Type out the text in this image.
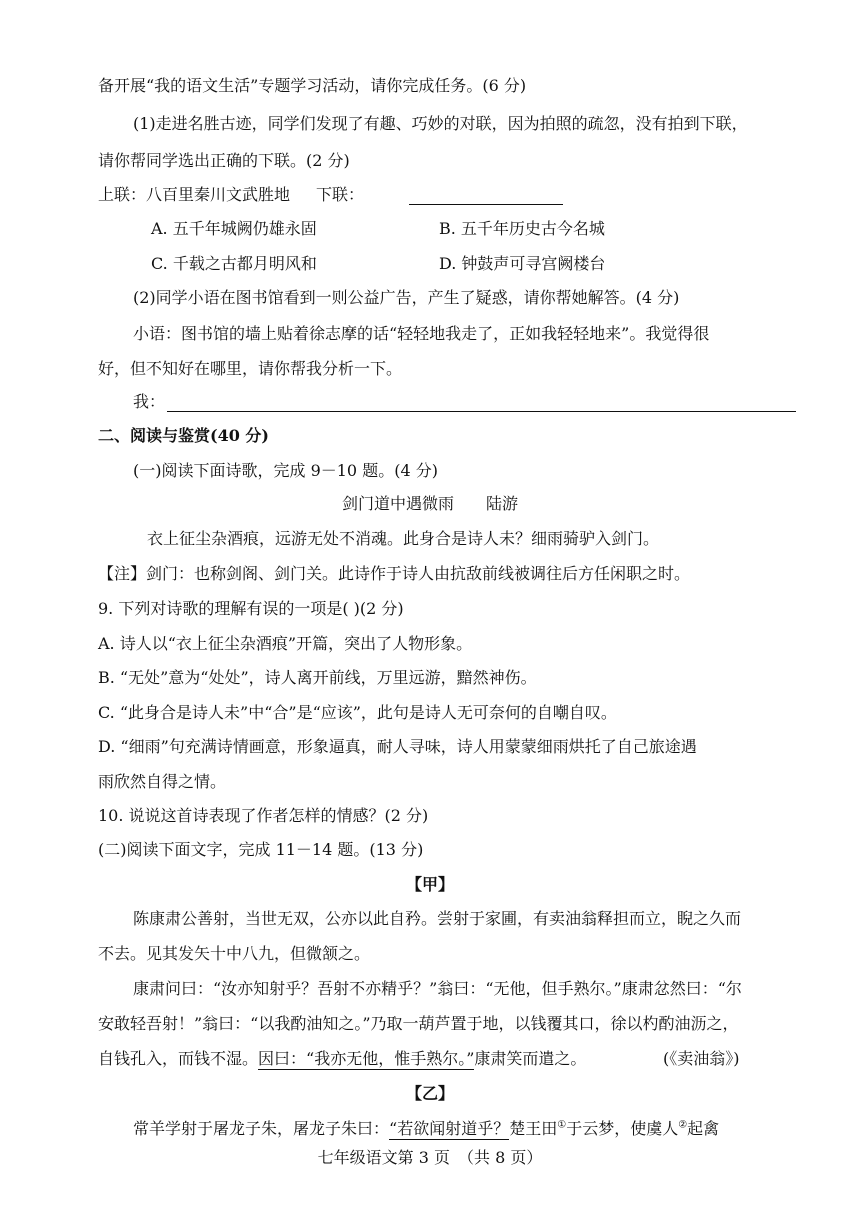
备开展“我的语文生活”专题学习活动，请你完成任务。(6 分)
(1)走进名胜古迹，同学们发现了有趣、巧妙的对联，因为拍照的疏忽，没有拍到下联，
请你帮同学选出正确的下联。(2 分)
上联：八百里秦川文武胜地 下联：
A. 五千年城阙仍雄永固	B. 五千年历史古今名城
C. 千载之古都月明风和	D. 钟鼓声可寻宫阙楼台
(2)同学小语在图书馆看到一则公益广告，产生了疑惑，请你帮她解答。(4 分)
小语：图书馆的墙上贴着徐志摩的话“轻轻地我走了，正如我轻轻地来”。我觉得很
好，但不知好在哪里，请你帮我分析一下。
我：
二、阅读与鉴赏(40 分)
(一)阅读下面诗歌，完成 9－10 题。(4 分)
剑门道中遇微雨 陆游
衣上征尘杂酒痕，远游无处不消魂。此身合是诗人未？细雨骑驴入剑门。
【注】剑门：也称剑阁、剑门关。此诗作于诗人由抗敌前线被调往后方任闲职之时。
9. 下列对诗歌的理解有误的一项是( )(2 分)
A. 诗人以“衣上征尘杂酒痕”开篇，突出了人物形象。
B. “无处”意为“处处”，诗人离开前线，万里远游，黯然神伤。
C. “此身合是诗人未”中“合”是“应该”，此句是诗人无可奈何的自嘲自叹。
D. “细雨”句充满诗情画意，形象逼真，耐人寻味，诗人用蒙蒙细雨烘托了自己旅途遇
雨欣然自得之情。
10. 说说这首诗表现了作者怎样的情感？(2 分)
(二)阅读下面文字，完成 11－14 题。(13 分)
【甲】
陈康肃公善射，当世无双，公亦以此自矜。尝射于家圃，有卖油翁释担而立，睨之久而
不去。见其发矢十中八九，但微颔之。
康肃问曰：“汝亦知射乎？吾射不亦精乎？”翁曰：“无他，但手熟尔。”康肃忿然曰：“尔
安敢轻吾射！”翁曰：“以我酌油知之。”乃取一葫芦置于地，以钱覆其口，徐以杓酌油沥之，
自钱孔入，而钱不湿。因曰：“我亦无他，惟手熟尔。”康肃笑而遣之。	(《卖油翁》)
【乙】
常羊学射于屠龙子朱，屠龙子朱曰：“若欲闻射道乎？楚王田①于云梦，使虞人②起禽
七年级语文第 3 页　（共 8 页）
